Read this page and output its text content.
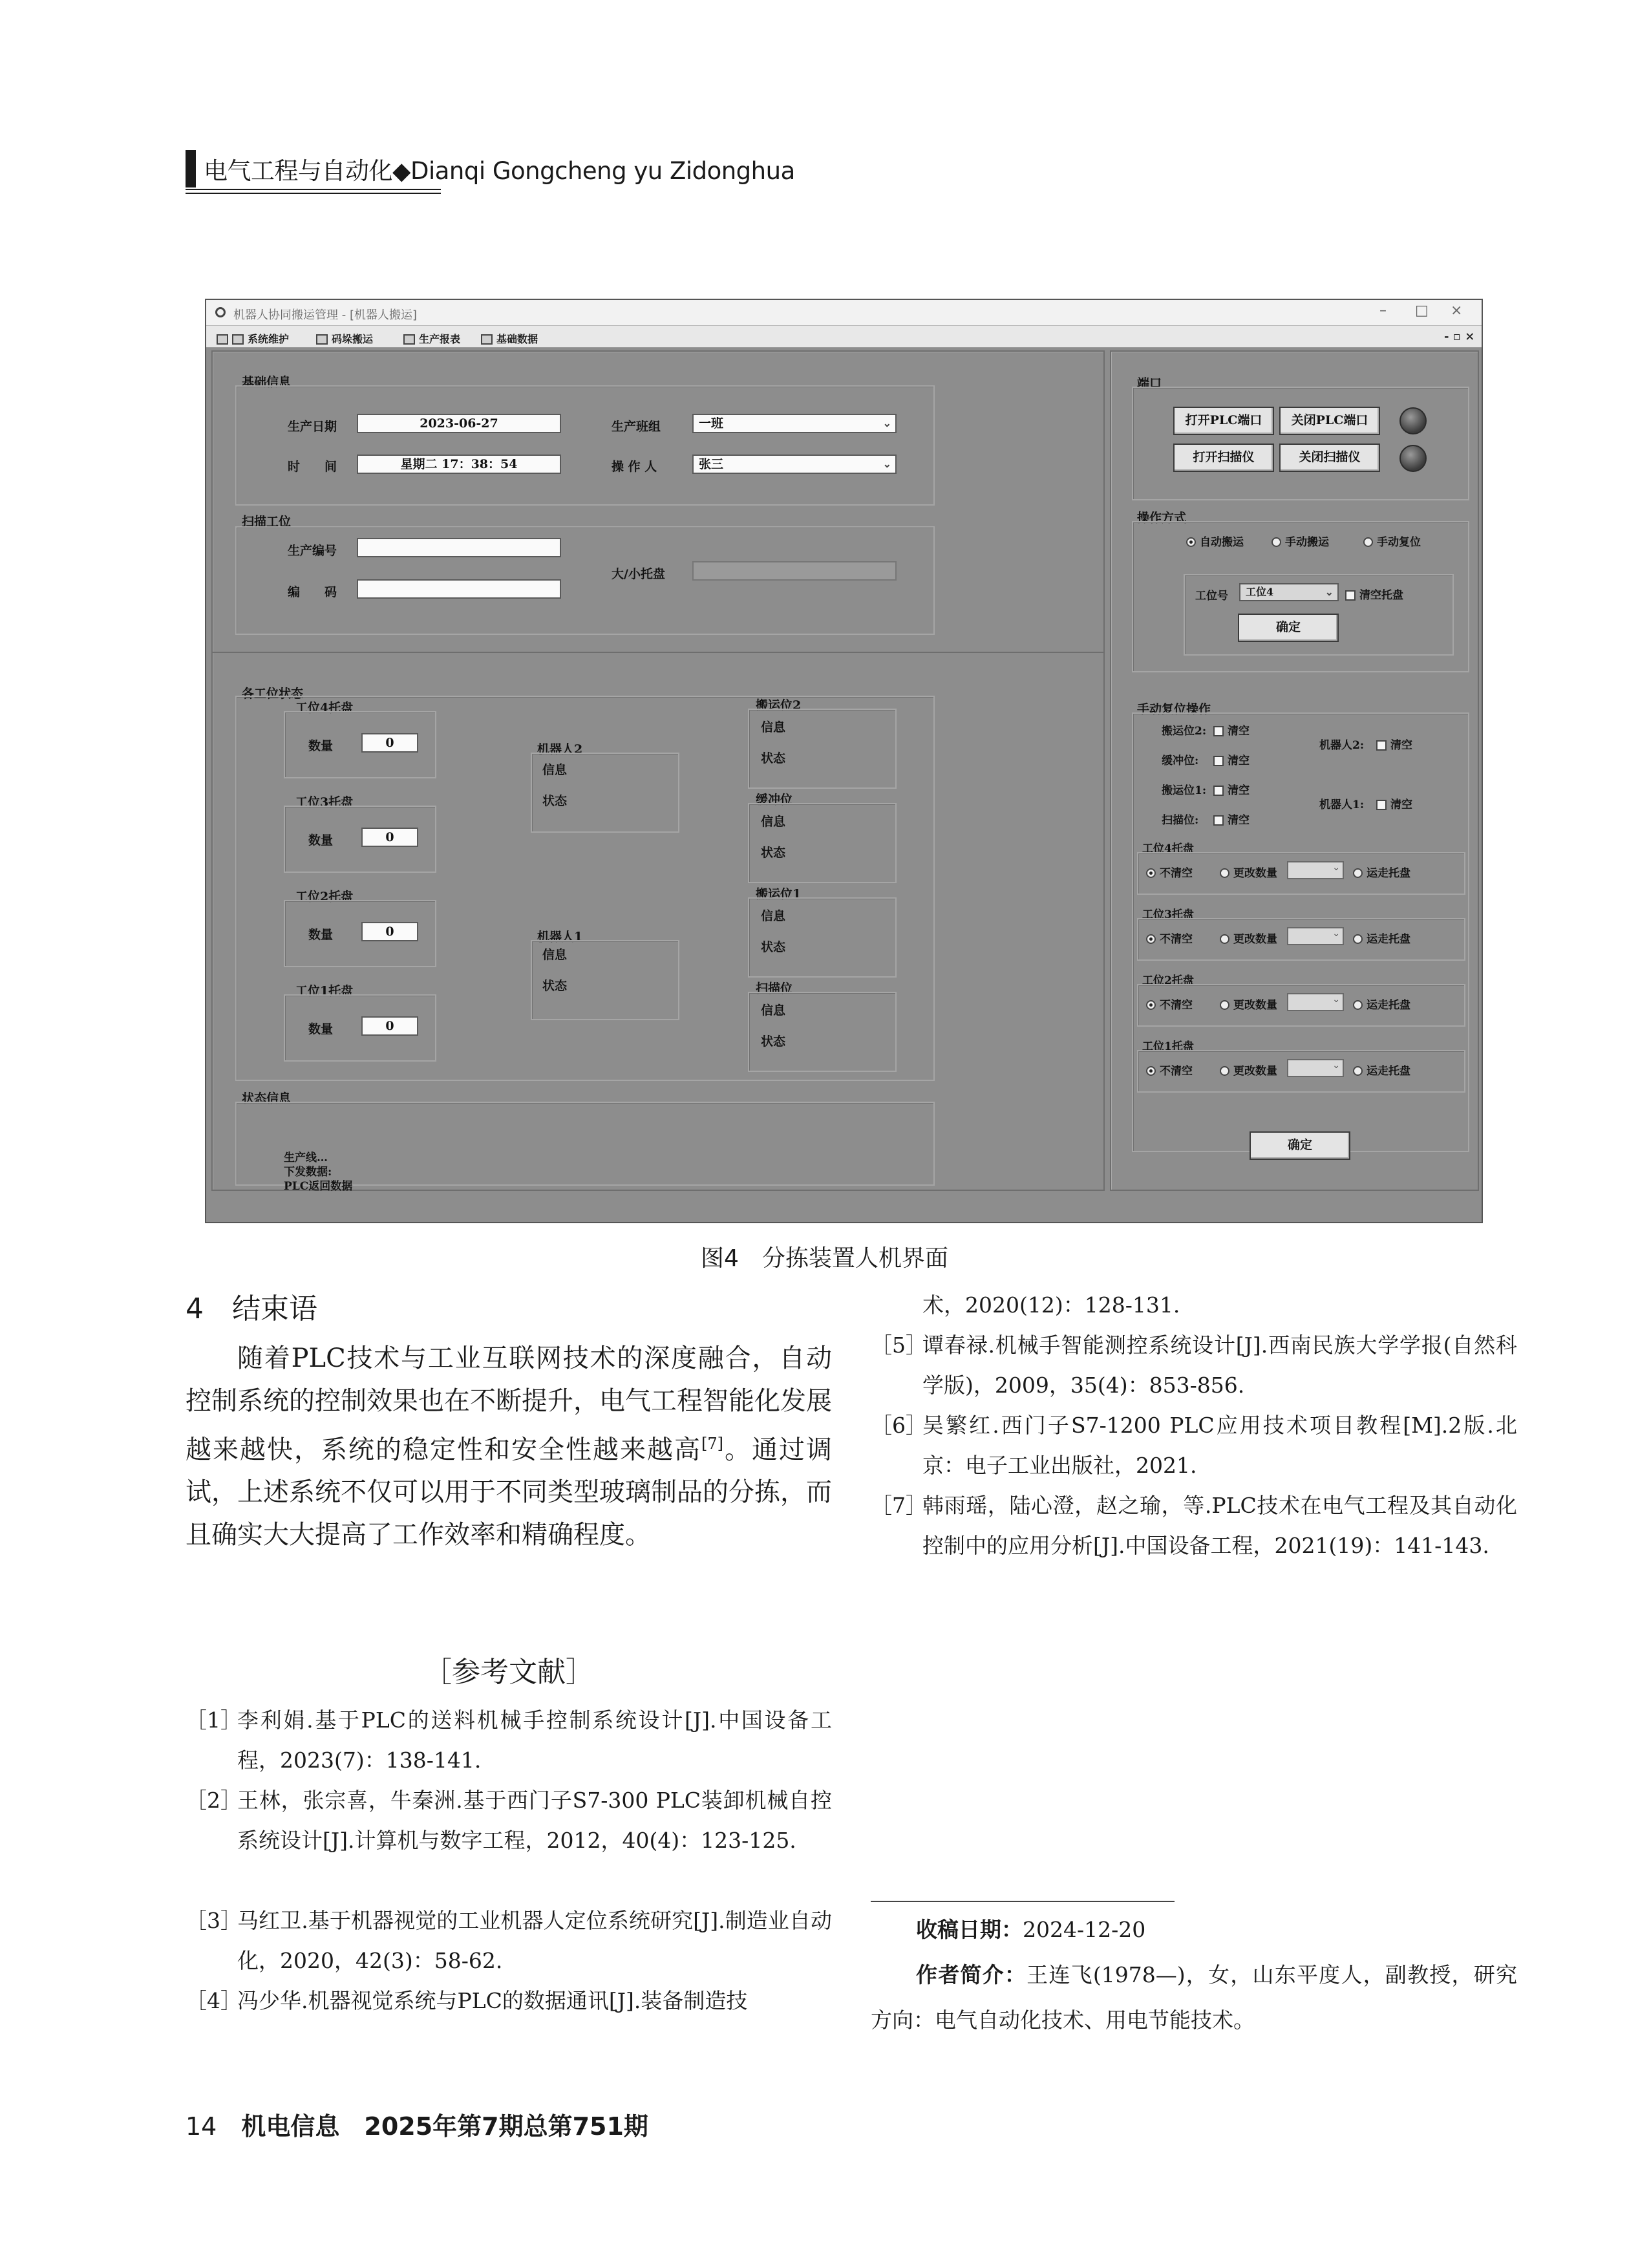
电气工程与自动化◆Dianqi Gongcheng yu Zidonghua
机器人协同搬运管理 - [机器人搬运]	– □ ×
系统维护	码垛搬运	生产报表	基础数据	- ▫ ×
基础信息
生产日期	2023-06-27
时　　间	星期二 17：38：54
生产班组	一班	⌄
操 作 人	张三	⌄
扫描工位
生产编号
编　　码
大/小托盘
各工位状态
工位4托盘
数量	0
工位3托盘
数量	0
工位2托盘
数量	0
工位1托盘
数量	0
机器人2
信息
状态
机器人1
信息
状态
搬运位2
信息
状态
缓冲位
信息
状态
搬运位1
信息
状态
扫描位
信息
状态
状态信息
生产线…
下发数据:
PLC返回数据
端口
打开PLC端口	关闭PLC端口
打开扫描仪	关闭扫描仪
操作方式
自动搬运	手动搬运	手动复位
工位号	工位4	⌄	清空托盘
确定
手动复位操作
搬运位2:	清空
缓冲位:	清空
搬运位1:	清空
扫描位:	清空
机器人2:	清空
机器人1:	清空
工位4托盘
不清空	更改数量	⌄	运走托盘
工位3托盘
不清空	更改数量	⌄	运走托盘
工位2托盘
不清空	更改数量	⌄	运走托盘
工位1托盘
不清空	更改数量	⌄	运走托盘
确定
图4　分拣装置人机界面
4　结束语
随着PLC技术与工业互联网技术的深度融合，自动控制系统的控制效果也在不断提升，电气工程智能化发展越来越快，系统的稳定性和安全性越来越高[7]。通过调试，上述系统不仅可以用于不同类型玻璃制品的分拣，而且确实大大提高了工作效率和精确程度。
［参考文献］
［1］
李利娟.基于PLC的送料机械手控制系统设计[J].中国设备工程，2023(7)：138-141.
［2］
王林，张宗喜，牛秦洲.基于西门子S7-300 PLC装卸机械自控系统设计[J].计算机与数字工程，2012，40(4)：123-125.
［3］
马红卫.基于机器视觉的工业机器人定位系统研究[J].制造业自动化，2020，42(3)：58-62.
［4］
冯少华.机器视觉系统与PLC的数据通讯[J].装备制造技
术，2020(12)：128-131.
［5］
谭春禄.机械手智能测控系统设计[J].西南民族大学学报(自然科学版)，2009，35(4)：853-856.
［6］
吴繁红.西门子S7-1200 PLC应用技术项目教程[M].2版.北京：电子工业出版社，2021.
［7］
韩雨瑶，陆心澄，赵之瑜，等.PLC技术在电气工程及其自动化控制中的应用分析[J].中国设备工程，2021(19)：141-143.
收稿日期：2024-12-20
作者简介：王连飞(1978—)，女，山东平度人，副教授，研究方向：电气自动化技术、用电节能技术。
14　 机电信息　2025年第7期总第751期
